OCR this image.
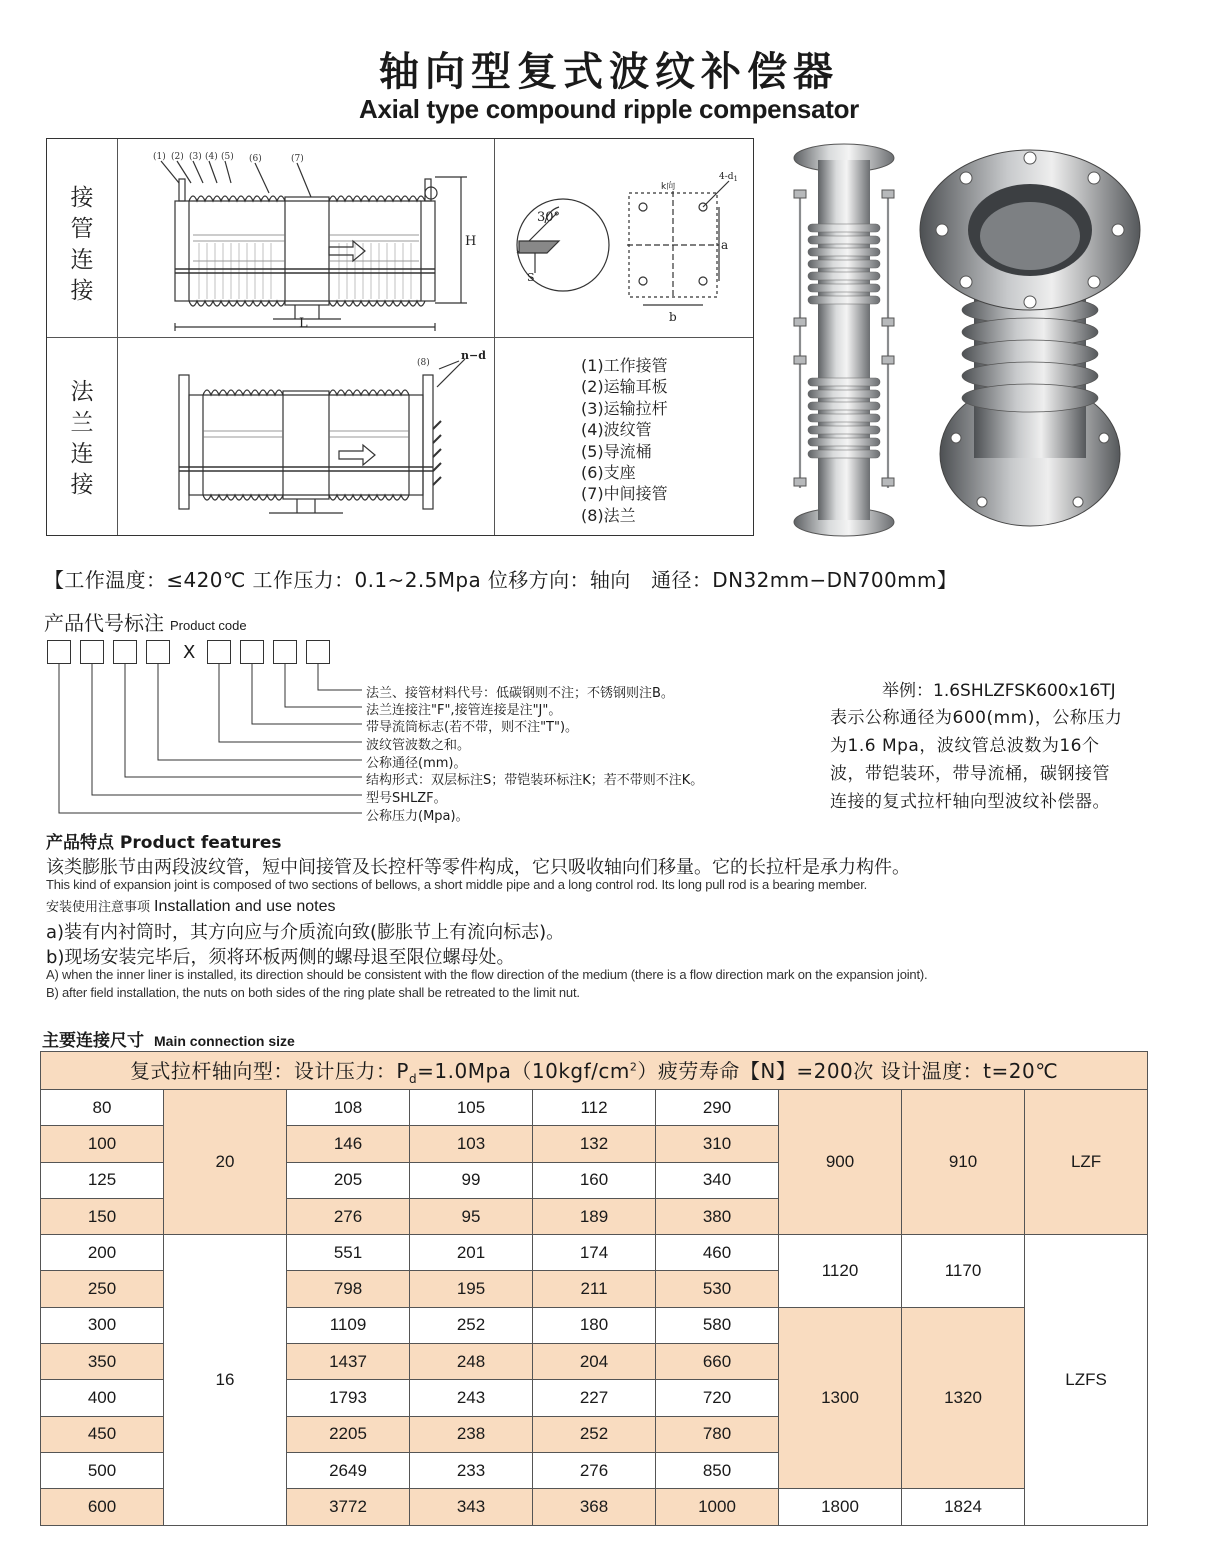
轴向型复式波纹补偿器
Axial type compound ripple compensator
接管连接
法兰连接
(1) (2) (3) (4) (5) (6)	(7)
L
H
30°
S
k向
$4-d_1$
a
b
(8)
n−d
(1)工作接管
(2)运输耳板
(3)运输拉杆
(4)波纹管
(5)导流桶
(6)支座
(7)中间接管
(8)法兰
【工作温度：≤420℃ 工作压力：0.1~2.5Mpa 位移方向：轴向　通径：DN32mm−DN700mm】
产品代号标注 Product code
X
法兰、接管材料代号：低碳钢则不注；不锈钢则注B。
法兰连接注"F",接管连接是注"J"。
带导流筒标志(若不带，则不注"T")。
波纹管波数之和。
公称通径(mm)。
结构形式：双层标注S；带铠装环标注K；若不带则不注K。
型号SHLZF。
公称压力(Mpa)。
举例：1.6SHLZFSK600x16TJ
表示公称通径为600(mm)，公称压力
为1.6 Mpa，波纹管总波数为16个
波，带铠装环，带导流桶，碳钢接管
连接的复式拉杆轴向型波纹补偿器。
产品特点 Product features
该类膨胀节由两段波纹管，短中间接管及长控杆等零件构成，它只吸收轴向们移量。它的长拉杆是承力构件。
This kind of expansion joint is composed of two sections of bellows, a short middle pipe and a long control rod. Its long pull rod is a bearing member.
安装使用注意事项 Installation and use notes
a)装有内衬筒时，其方向应与介质流向致(膨胀节上有流向标志)。
b)现场安装完毕后，须将环板两侧的螺母退至限位螺母处。
A) when the inner liner is installed, its direction should be consistent with the flow direction of the medium (there is a flow direction mark on the expansion joint).
B) after field installation, the nuts on both sides of the ring plate shall be retreated to the limit nut.
主要连接尺寸 Main connection size
复式拉杆轴向型：设计压力：$P_d=1.0Mpa(10kgf/cm^2)$疲劳寿命【N】=200次 设计温度：t=20℃								
80	20	108	105	112	290	900	910	LZF
100		146	103	132	310			
125		205	99	160	340			
150		276	95	189	380			
200	16	551	201	174	460	1120	1170	LZFS
250		798	195	211	530			
300		1109	252	180	580	1300	1320	
350		1437	248	204	660			
400		1793	243	227	720			
450		2205	238	252	780			
500		2649	233	276	850			
600		3772	343	368	1000	1800	1824	
